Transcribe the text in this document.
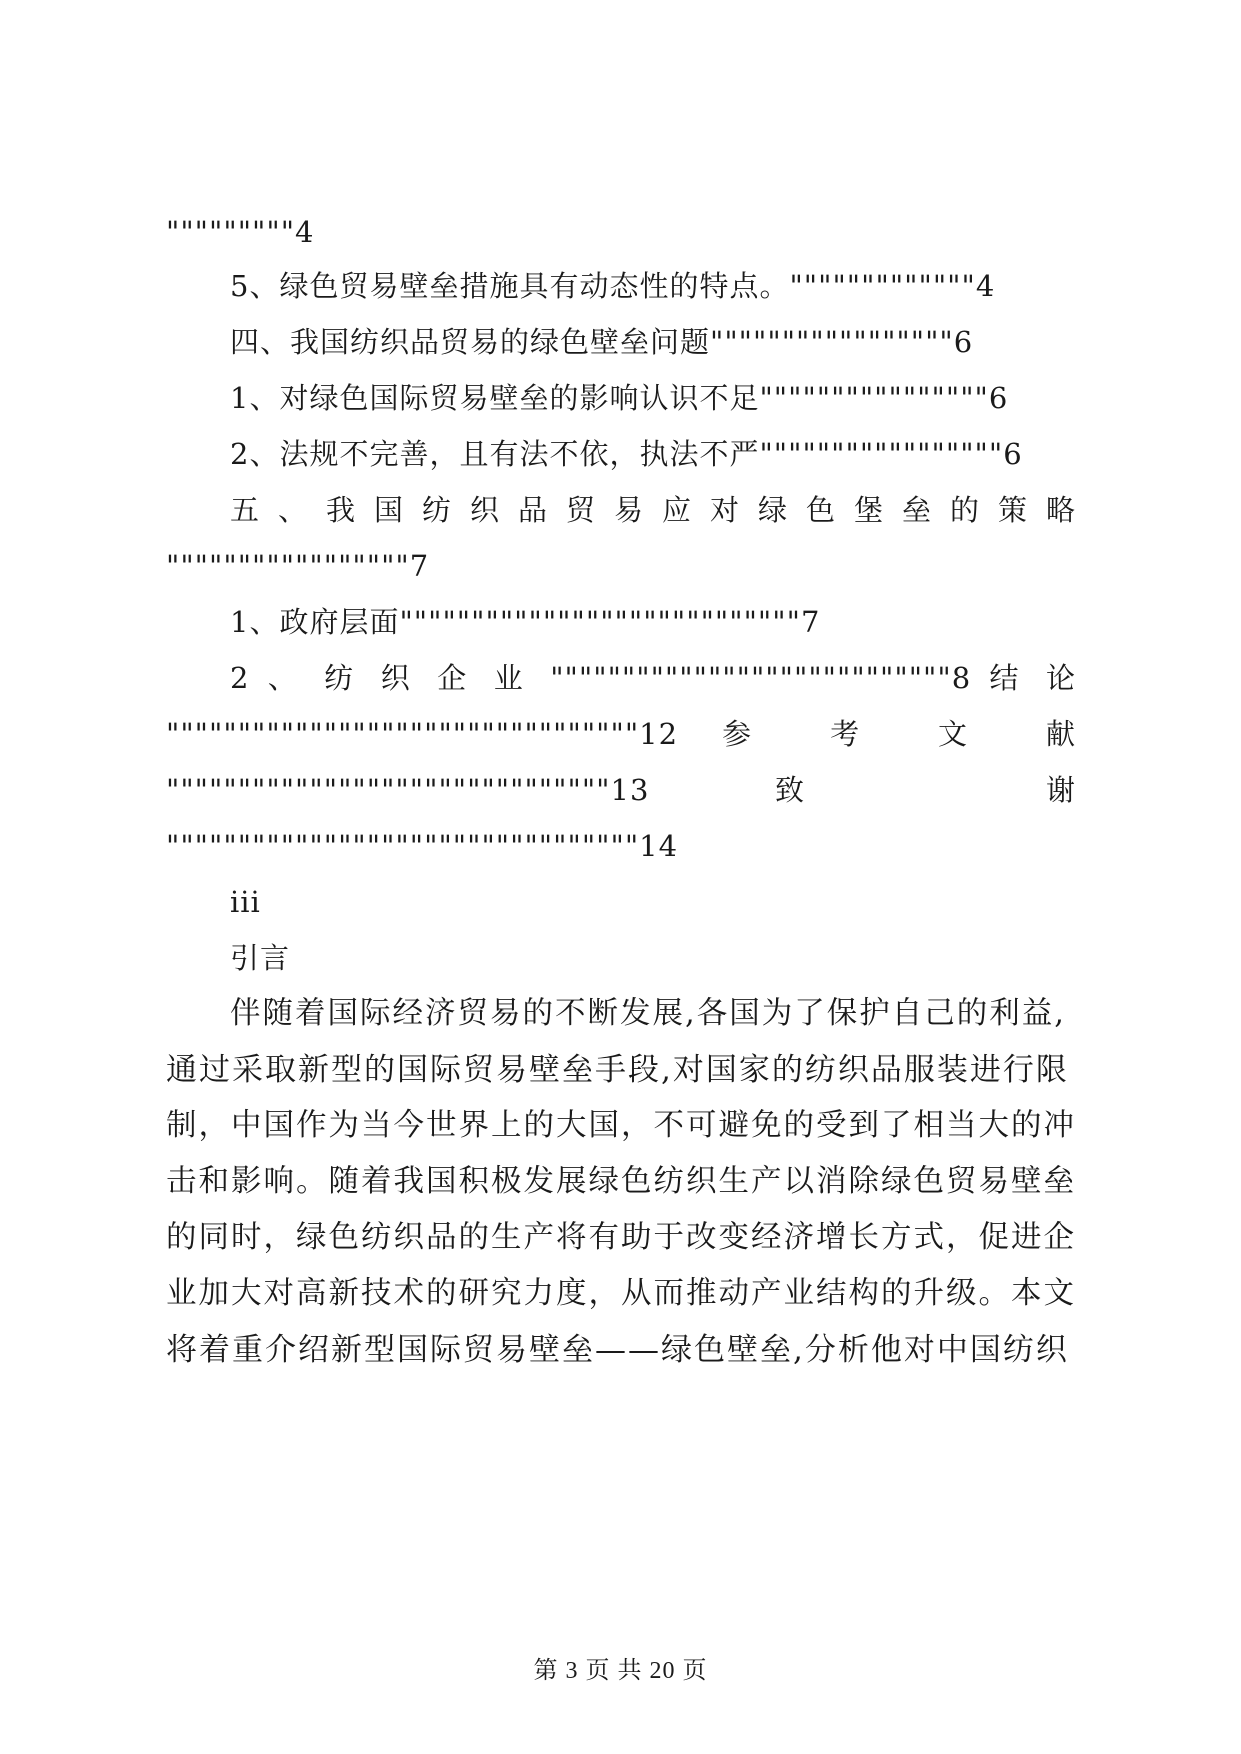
"""""""""4
5、绿色贸易壁垒措施具有动态性的特点。"""""""""""""4
四、我国纺织品贸易的绿色壁垒问题"""""""""""""""""6
1、对绿色国际贸易壁垒的影响认识不足""""""""""""""""6
2、法规不完善，且有法不依，执法不严"""""""""""""""""6
五 、 我 国 纺 织 品 贸 易 应 对 绿 色 堡 垒 的 策 略
"""""""""""""""""7
1、政府层面""""""""""""""""""""""""""""7
2 、 纺 织 企 业 """"""""""""""""""""""""""""8 结 论
"""""""""""""""""""""""""""""""""12 参 考 文 献
"""""""""""""""""""""""""""""""13 致 谢
"""""""""""""""""""""""""""""""""14
iii
引言
伴随着国际经济贸易的不断发展,各国为了保护自己的利益,
通过采取新型的国际贸易壁垒手段,对国家的纺织品服装进行限
制，中国作为当今世界上的大国，不可避免的受到了相当大的冲
击和影响。随着我国积极发展绿色纺织生产以消除绿色贸易壁垒
的同时，绿色纺织品的生产将有助于改变经济增长方式，促进企
业加大对高新技术的研究力度，从而推动产业结构的升级。本文
将着重介绍新型国际贸易壁垒——绿色壁垒,分析他对中国纺织
第 3 页 共 20 页
